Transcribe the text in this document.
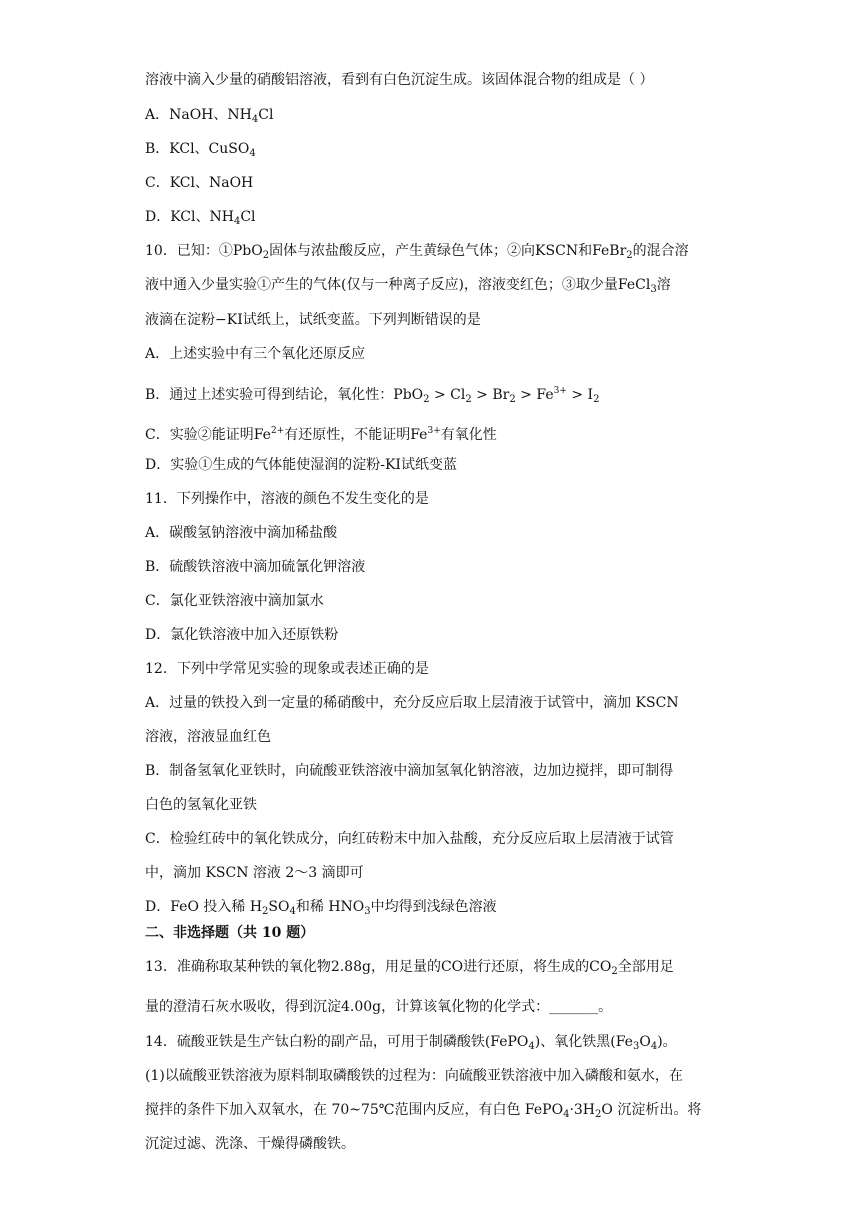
溶液中滴入少量的硝酸铝溶液，看到有白色沉淀生成。该固体混合物的组成是（ ）
A．NaOH、$NH_4Cl$
B．KCl、CuSO$_4$
C．KCl、NaOH
D．KCl、$NH_4Cl$
10．已知：①PbO$_2$固体与浓盐酸反应，产生黄绿色气体；②向KSCN和FeBr$_2$的混合溶
液中通入少量实验①产生的气体(仅与一种离子反应)，溶液变红色；③取少量FeCl$_3$溶
液滴在淀粉−KI试纸上，试纸变蓝。下列判断错误的是
A．上述实验中有三个氧化还原反应
B．通过上述实验可得到结论，氧化性：$PbO_2 > Cl_2 > Br_2 > Fe^{3+} > I_2$
C．实验②能证明$Fe^{2+}$有还原性，不能证明$Fe^{3+}$有氧化性
D．实验①生成的气体能使湿润的淀粉-KI试纸变蓝
11．下列操作中，溶液的颜色不发生变化的是
A．碳酸氢钠溶液中滴加稀盐酸
B．硫酸铁溶液中滴加硫氰化钾溶液
C．氯化亚铁溶液中滴加氯水
D．氯化铁溶液中加入还原铁粉
12．下列中学常见实验的现象或表述正确的是
A．过量的铁投入到一定量的稀硝酸中，充分反应后取上层清液于试管中，滴加 KSCN
溶液，溶液显血红色
B．制备氢氧化亚铁时，向硫酸亚铁溶液中滴加氢氧化钠溶液，边加边搅拌，即可制得
白色的氢氧化亚铁
C．检验红砖中的氧化铁成分，向红砖粉末中加入盐酸，充分反应后取上层清液于试管
中，滴加 KSCN 溶液 2～3 滴即可
D．FeO 投入稀 $H_2SO_4$和稀 $HNO_3$中均得到浅绿色溶液
二、非选择题（共 10 题）
13．准确称取某种铁的氧化物2.88g，用足量的CO进行还原，将生成的$CO_2$全部用足
量的澄清石灰水吸收，得到沉淀4.00g，计算该氧化物的化学式：_______。
14．硫酸亚铁是生产钛白粉的副产品，可用于制磷酸铁(FePO$_4$)、氧化铁黑$(Fe_3O_4)$。
(1)以硫酸亚铁溶液为原料制取磷酸铁的过程为：向硫酸亚铁溶液中加入磷酸和氨水，在
搅拌的条件下加入双氧水，在 70~75℃范围内反应，有白色 $FePO_4\cdot 3H_2O$ 沉淀析出。将
沉淀过滤、洗涤、干燥得磷酸铁。
